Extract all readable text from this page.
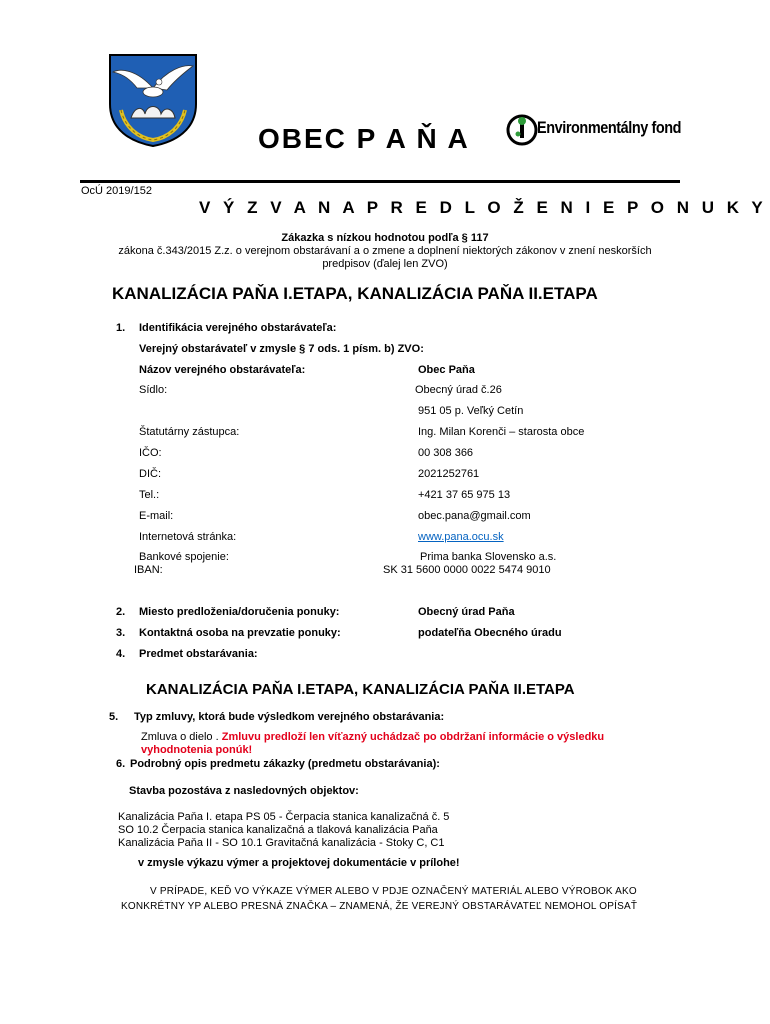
OBEC P A Ň A	Environmentálny fond
OcÚ 2019/152
V Ý Z V A N A P R E D L O Ž E N I E P O N U K Y
Zákazka s nízkou hodnotou podľa § 117
zákona č.343/2015 Z.z. o verejnom obstarávaní a o zmene a doplnení niektorých zákonov v znení neskorších
predpisov (ďalej len ZVO)
KANALIZÁCIA PAŇA I.ETAPA, KANALIZÁCIA PAŇA II.ETAPA
1. Identifikácia verejného obstarávateľa:
Verejný obstarávateľ v zmysle § 7 ods. 1 písm. b) ZVO:
Názov verejného obstarávateľa:	Obec Paňa
Sídlo:	Obecný úrad č.26
951 05 p. Veľký Cetín
Štatutárny zástupca:	Ing. Milan Korenči – starosta obce
IČO:	00 308 366
DIČ:	2021252761
Tel.:	+421 37 65 975 13
E-mail:	obec.pana@gmail.com
Internetová stránka:	www.pana.ocu.sk
Bankové spojenie:	Prima banka Slovensko a.s.
IBAN:	SK 31 5600 0000 0022 5474 9010
2. Miesto predloženia/doručenia ponuky:	Obecný úrad Paňa
3. Kontaktná osoba na prevzatie ponuky:	podateľňa Obecného úradu
4. Predmet obstarávania:
KANALIZÁCIA PAŇA I.ETAPA, KANALIZÁCIA PAŇA II.ETAPA
5. Typ zmluvy, ktorá bude výsledkom verejného obstarávania:
Zmluva o dielo . Zmluvu predloží len víťazný uchádzač po obdržaní informácie o výsledku
vyhodnotenia ponúk!
6. Podrobný opis predmetu zákazky (predmetu obstarávania):
Stavba pozostáva z nasledovných objektov:
Kanalizácia Paňa I. etapa PS 05 - Čerpacia stanica kanalizačná č. 5
SO 10.2 Čerpacia stanica kanalizačná a tlaková kanalizácia Paňa
Kanalizácia Paňa II - SO 10.1 Gravitačná kanalizácia - Stoky C, C1
v zmysle výkazu výmer a projektovej dokumentácie v prílohe!
V PRÍPADE, KEĎ VO VÝKAZE VÝMER ALEBO V PDJE OZNAČENÝ MATERIÁL ALEBO VÝROBOK AKO
KONKRÉTNY YP ALEBO PRESNÁ ZNAČKA – ZNAMENÁ, ŽE VEREJNÝ OBSTARÁVATEĽ NEMOHOL OPÍSAŤ
